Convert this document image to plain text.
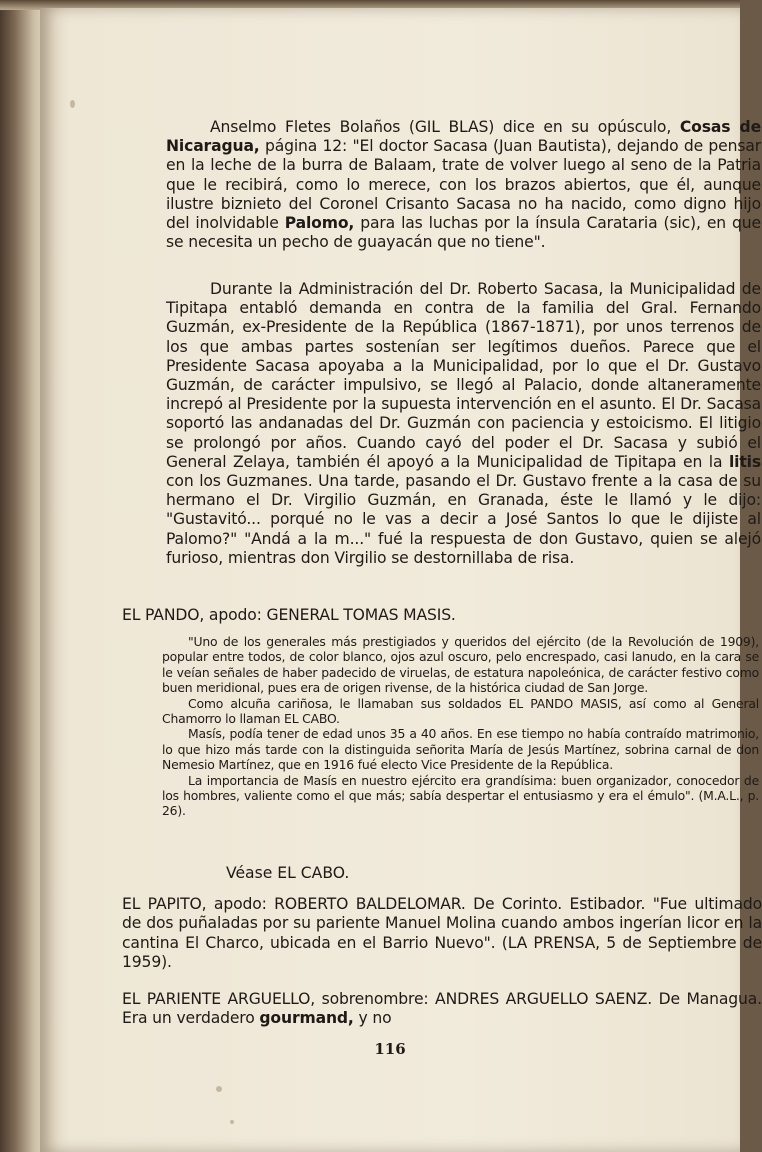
Anselmo Fletes Bolaños (GIL BLAS) dice en su opúsculo, Cosas de Nicaragua, página 12: "El doctor Sacasa (Juan Bautista), dejando de pensar en la leche de la burra de Balaam, trate de volver luego al seno de la Patria que le recibirá, como lo merece, con los brazos abiertos, que él, aunque ilustre biznieto del Coronel Crisanto Sacasa no ha nacido, como digno hijo del inolvidable Palomo, para las luchas por la ínsula Carataria (sic), en que se necesita un pecho de guayacán que no tiene".

Durante la Administración del Dr. Roberto Sacasa, la Municipalidad de Tipitapa entabló demanda en contra de la familia del Gral. Fernando Guzmán, ex-Presidente de la República (1867-1871), por unos terrenos de los que ambas partes sostenían ser legítimos dueños. Parece que el Presidente Sacasa apoyaba a la Municipalidad, por lo que el Dr. Gustavo Guzmán, de carácter impulsivo, se llegó al Palacio, donde altaneramente increpó al Presidente por la supuesta intervención en el asunto. El Dr. Sacasa soportó las andanadas del Dr. Guzmán con paciencia y estoicismo. El litigio se prolongó por años. Cuando cayó del poder el Dr. Sacasa y subió el General Zelaya, también él apoyó a la Municipalidad de Tipitapa en la litis con los Guzmanes. Una tarde, pasando el Dr. Gustavo frente a la casa de su hermano el Dr. Virgilio Guzmán, en Granada, éste le llamó y le dijo: "Gustavitó... porqué no le vas a decir a José Santos lo que le dijiste al Palomo?" "Andá a la m..." fué la respuesta de don Gustavo, quien se alejó furioso, mientras don Virgilio se destornillaba de risa.

EL PANDO, apodo: GENERAL TOMAS MASIS.

"Uno de los generales más prestigiados y queridos del ejército (de la Revolución de 1909), popular entre todos, de color blanco, ojos azul oscuro, pelo encrespado, casi lanudo, en la cara se le veían señales de haber padecido de viruelas, de estatura napoleónica, de carácter festivo como buen meridional, pues era de origen rivense, de la histórica ciudad de San Jorge.

Como alcuña cariñosa, le llamaban sus soldados EL PANDO MASIS, así como al General Chamorro lo llaman EL CABO.

Masís, podía tener de edad unos 35 a 40 años. En ese tiempo no había contraído matrimonio, lo que hizo más tarde con la distinguida señorita María de Jesús Martínez, sobrina carnal de don Nemesio Martínez, que en 1916 fué electo Vice Presidente de la República.

La importancia de Masís en nuestro ejército era grandísima: buen organizador, conocedor de los hombres, valiente como el que más; sabía despertar el entusiasmo y era el émulo". (M.A.L., p. 26).

Véase EL CABO.
EL PAPITO, apodo: ROBERTO BALDELOMAR. De Corinto. Estibador. "Fue ultimado de dos puñaladas por su pariente Manuel Molina cuando ambos ingerían licor en la cantina El Charco, ubicada en el Barrio Nuevo". (LA PRENSA, 5 de Septiembre de 1959).
EL PARIENTE ARGUELLO, sobrenombre: ANDRES ARGUELLO SAENZ. De Managua. Era un verdadero gourmand, y no
116
